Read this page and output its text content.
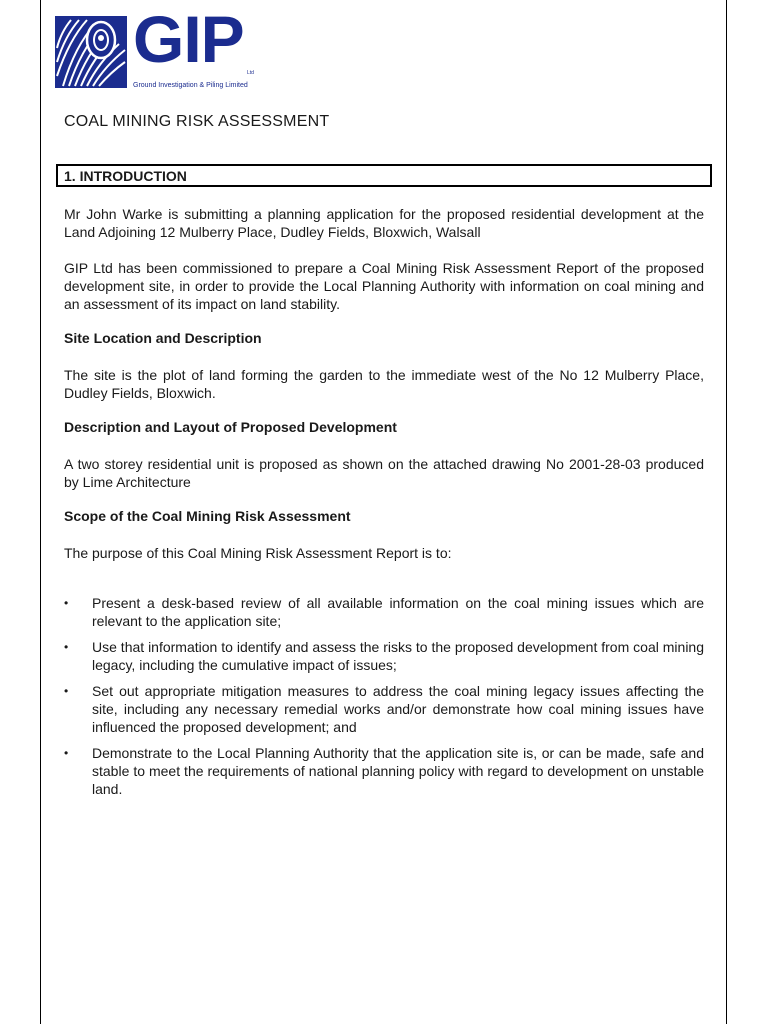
GIP Ltd
Ground Investigation & Piling Limited
COAL MINING RISK ASSESSMENT
1. INTRODUCTION

Mr John Warke is submitting a planning application for the proposed residential development at the Land Adjoining 12 Mulberry Place, Dudley Fields, Bloxwich, Walsall

GIP Ltd has been commissioned to prepare a Coal Mining Risk Assessment Report of the proposed development site, in order to provide the Local Planning Authority with information on coal mining and an assessment of its impact on land stability.

Site Location and Description

The site is the plot of land forming the garden to the immediate west of the No 12 Mulberry Place, Dudley Fields, Bloxwich.

Description and Layout of Proposed Development

A two storey residential unit is proposed as shown on the attached drawing No 2001-28-03 produced by Lime Architecture

Scope of the Coal Mining Risk Assessment

The purpose of this Coal Mining Risk Assessment Report is to:

• Present a desk-based review of all available information on the coal mining issues which are relevant to the application site;
• Use that information to identify and assess the risks to the proposed development from coal mining legacy, including the cumulative impact of issues;
• Set out appropriate mitigation measures to address the coal mining legacy issues affecting the site, including any necessary remedial works and/or demonstrate how coal mining issues have influenced the proposed development; and
• Demonstrate to the Local Planning Authority that the application site is, or can be made, safe and stable to meet the requirements of national planning policy with regard to development on unstable land.
